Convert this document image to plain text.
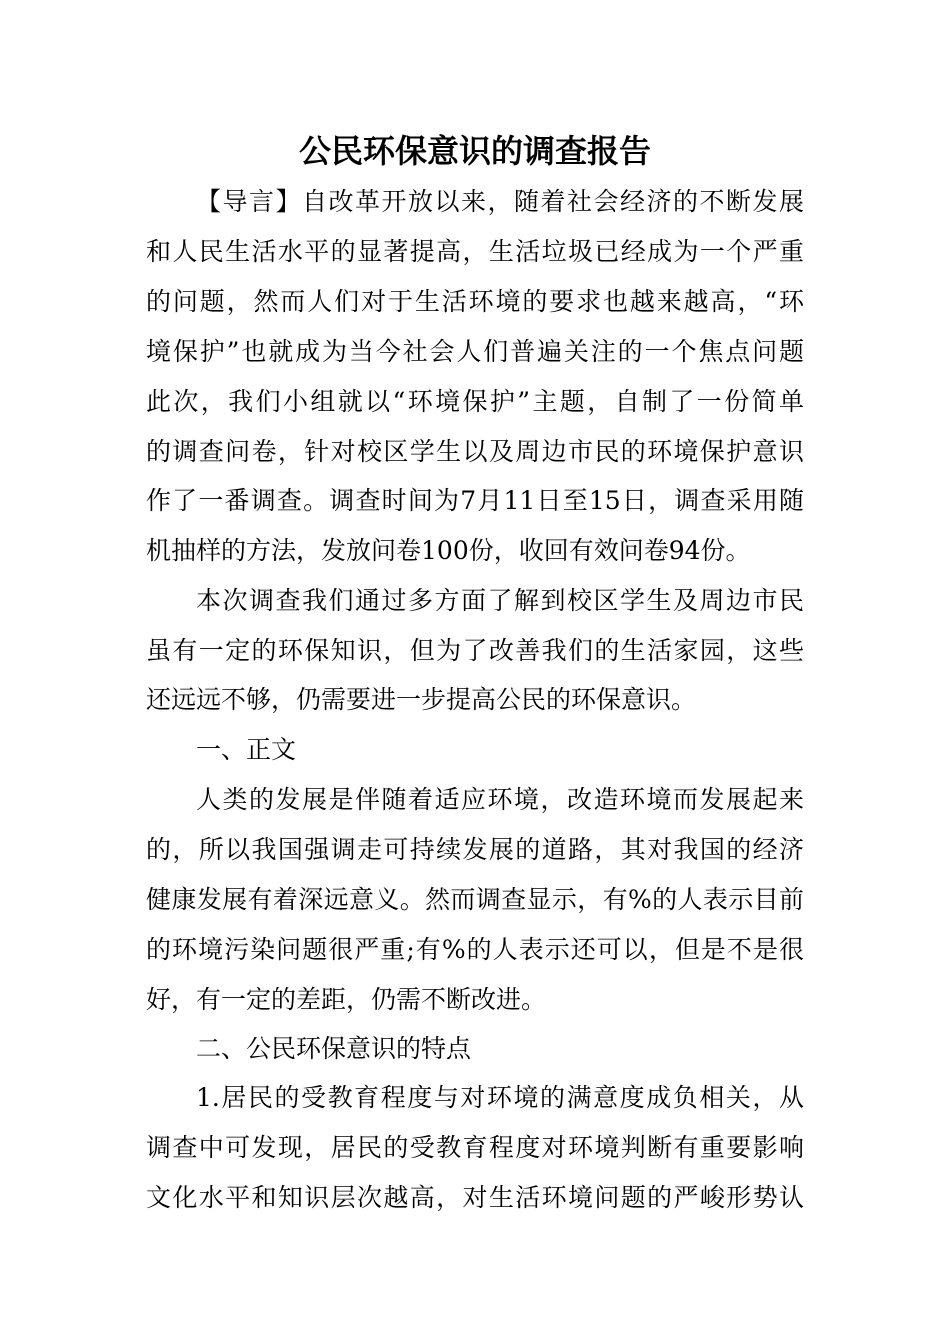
公民环保意识的调查报告

【导言】自改革开放以来，随着社会经济的不断发展

和人民生活水平的显著提高，生活垃圾已经成为一个严重

的问题，然而人们对于生活环境的要求也越来越高，“环

境保护”也就成为当今社会人们普遍关注的一个焦点问题

此次，我们小组就以“环境保护”主题，自制了一份简单

的调查问卷，针对校区学生以及周边市民的环境保护意识

作了一番调查。调查时间为7月11日至15日，调查采用随

机抽样的方法，发放问卷100份，收回有效问卷94份。

本次调查我们通过多方面了解到校区学生及周边市民

虽有一定的环保知识，但为了改善我们的生活家园，这些

还远远不够，仍需要进一步提高公民的环保意识。

一、正文

人类的发展是伴随着适应环境，改造环境而发展起来

的，所以我国强调走可持续发展的道路，其对我国的经济

健康发展有着深远意义。然而调查显示，有%的人表示目前

的环境污染问题很严重;有%的人表示还可以，但是不是很

好，有一定的差距，仍需不断改进。

二、公民环保意识的特点

1.居民的受教育程度与对环境的满意度成负相关，从

调查中可发现，居民的受教育程度对环境判断有重要影响

文化水平和知识层次越高，对生活环境问题的严峻形势认
